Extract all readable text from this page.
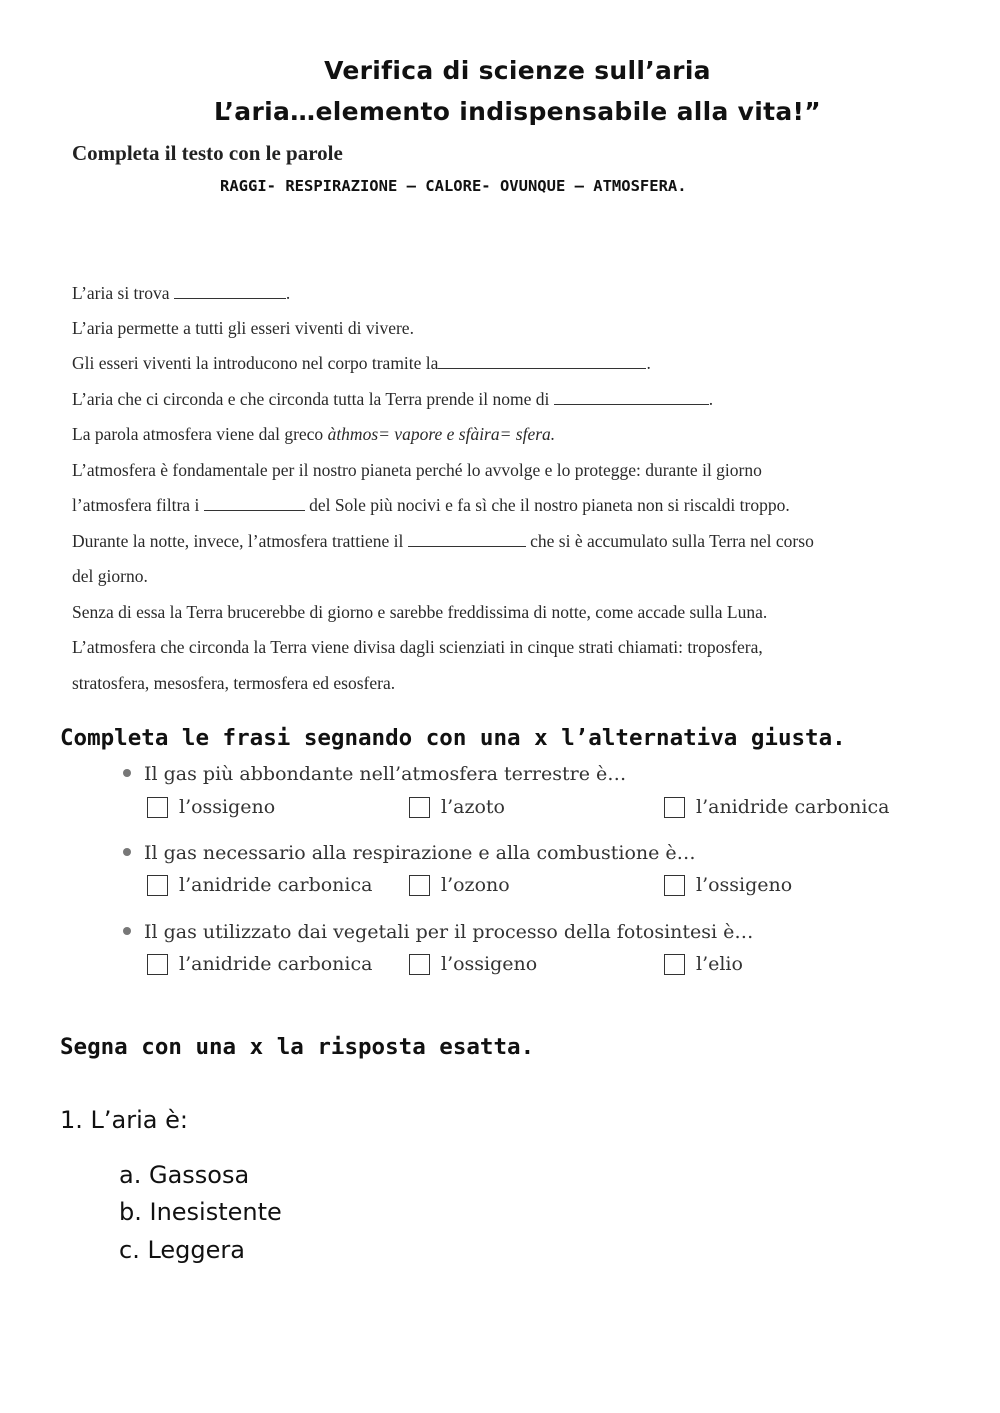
Verifica di scienze sull’aria
L’aria…elemento indispensabile alla vita!”
Completa il testo con le parole
RAGGI- RESPIRAZIONE – CALORE- OVUNQUE – ATMOSFERA.
L’aria si trova	.
L’aria permette a tutti gli esseri viventi di vivere.
Gli esseri viventi la introducono nel corpo tramite la	.
L’aria che ci circonda e che circonda tutta la Terra prende il nome di	.
La parola atmosfera viene dal greco àthmos= vapore e sfàira= sfera.
L’atmosfera è fondamentale per il nostro pianeta perché lo avvolge e lo protegge: durante il giorno
l’atmosfera filtra i	del Sole più nocivi e fa sì che il nostro pianeta non si riscaldi troppo.
Durante la notte, invece, l’atmosfera trattiene il	che si è accumulato sulla Terra nel corso
del giorno.
Senza di essa la Terra brucerebbe di giorno e sarebbe freddissima di notte, come accade sulla Luna.
L’atmosfera che circonda la Terra viene divisa dagli scienziati in cinque strati chiamati: troposfera,
stratosfera, mesosfera, termosfera ed esosfera.
Completa le frasi segnando con una x l’alternativa giusta.
Il gas più abbondante nell’atmosfera terrestre è…
l’ossigeno	l’azoto	l’anidride carbonica
Il gas necessario alla respirazione e alla combustione è…
l’anidride carbonica	l’ozono	l’ossigeno
Il gas utilizzato dai vegetali per il processo della fotosintesi è…
l’anidride carbonica	l’ossigeno	l’elio
Segna con una x la risposta esatta.
1. L’aria è:
a. Gassosa
b. Inesistente
c. Leggera
